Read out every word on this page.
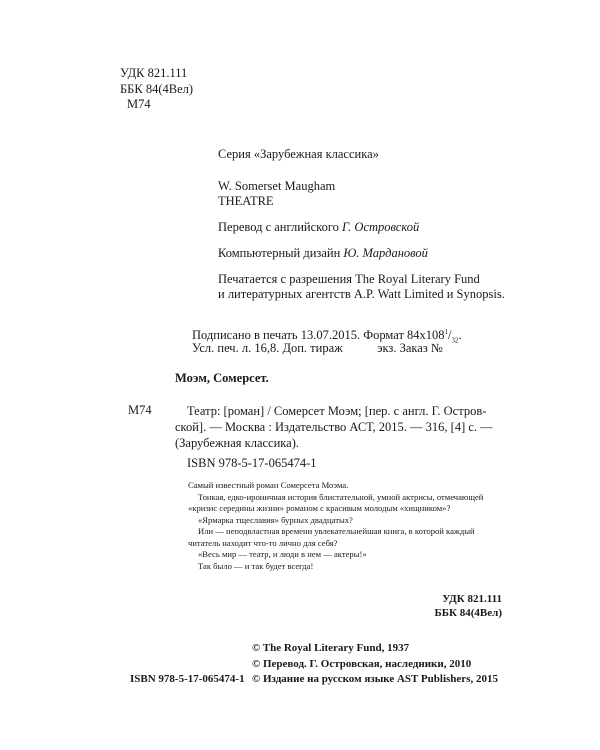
УДК 821.111
ББК 84(4Вел)
М74
Серия «Зарубежная классика»
W. Somerset Maugham
THEATRE
Перевод с английского Г. Островской
Компьютерный дизайн Ю. Мардановой
Печатается с разрешения The Royal Literary Fund
и литературных агентств A.P. Watt Limited и Synopsis.
Подписано в печать 13.07.2015. Формат $84x108^1/_{32}$.
Усл. печ. л. 16,8. Доп. тираж           экз. Заказ №
Моэм, Сомерсет.
М74	Театр: [роман] / Сомерсет Моэм; [пер. с англ. Г. Остров-
ской]. — Москва : Издательство АСТ, 2015. — 316, [4] с. —
(Зарубежная классика).
ISBN 978-5-17-065474-1

Самый известный роман Сомерсета Моэма.

Тонкая, едко-ироничная история блистательной, умной актрисы, отмечающей «кризис середины жизни» романом с красивым молодым «хищником»?

«Ярмарка тщеславия» бурных двадцатых?

Или — неподвластная времени увлекательнейшая книга, в которой каждый читатель находит что-то лично для себя?

«Весь мир — театр, и люди в нем — актеры!»

Так было — и так будет всегда!

УДК 821.111
ББК 84(4Вел)
© The Royal Literary Fund, 1937
© Перевод. Г. Островская, наследники, 2010
© Издание на русском языке AST Publishers, 2015
ISBN 978-5-17-065474-1
